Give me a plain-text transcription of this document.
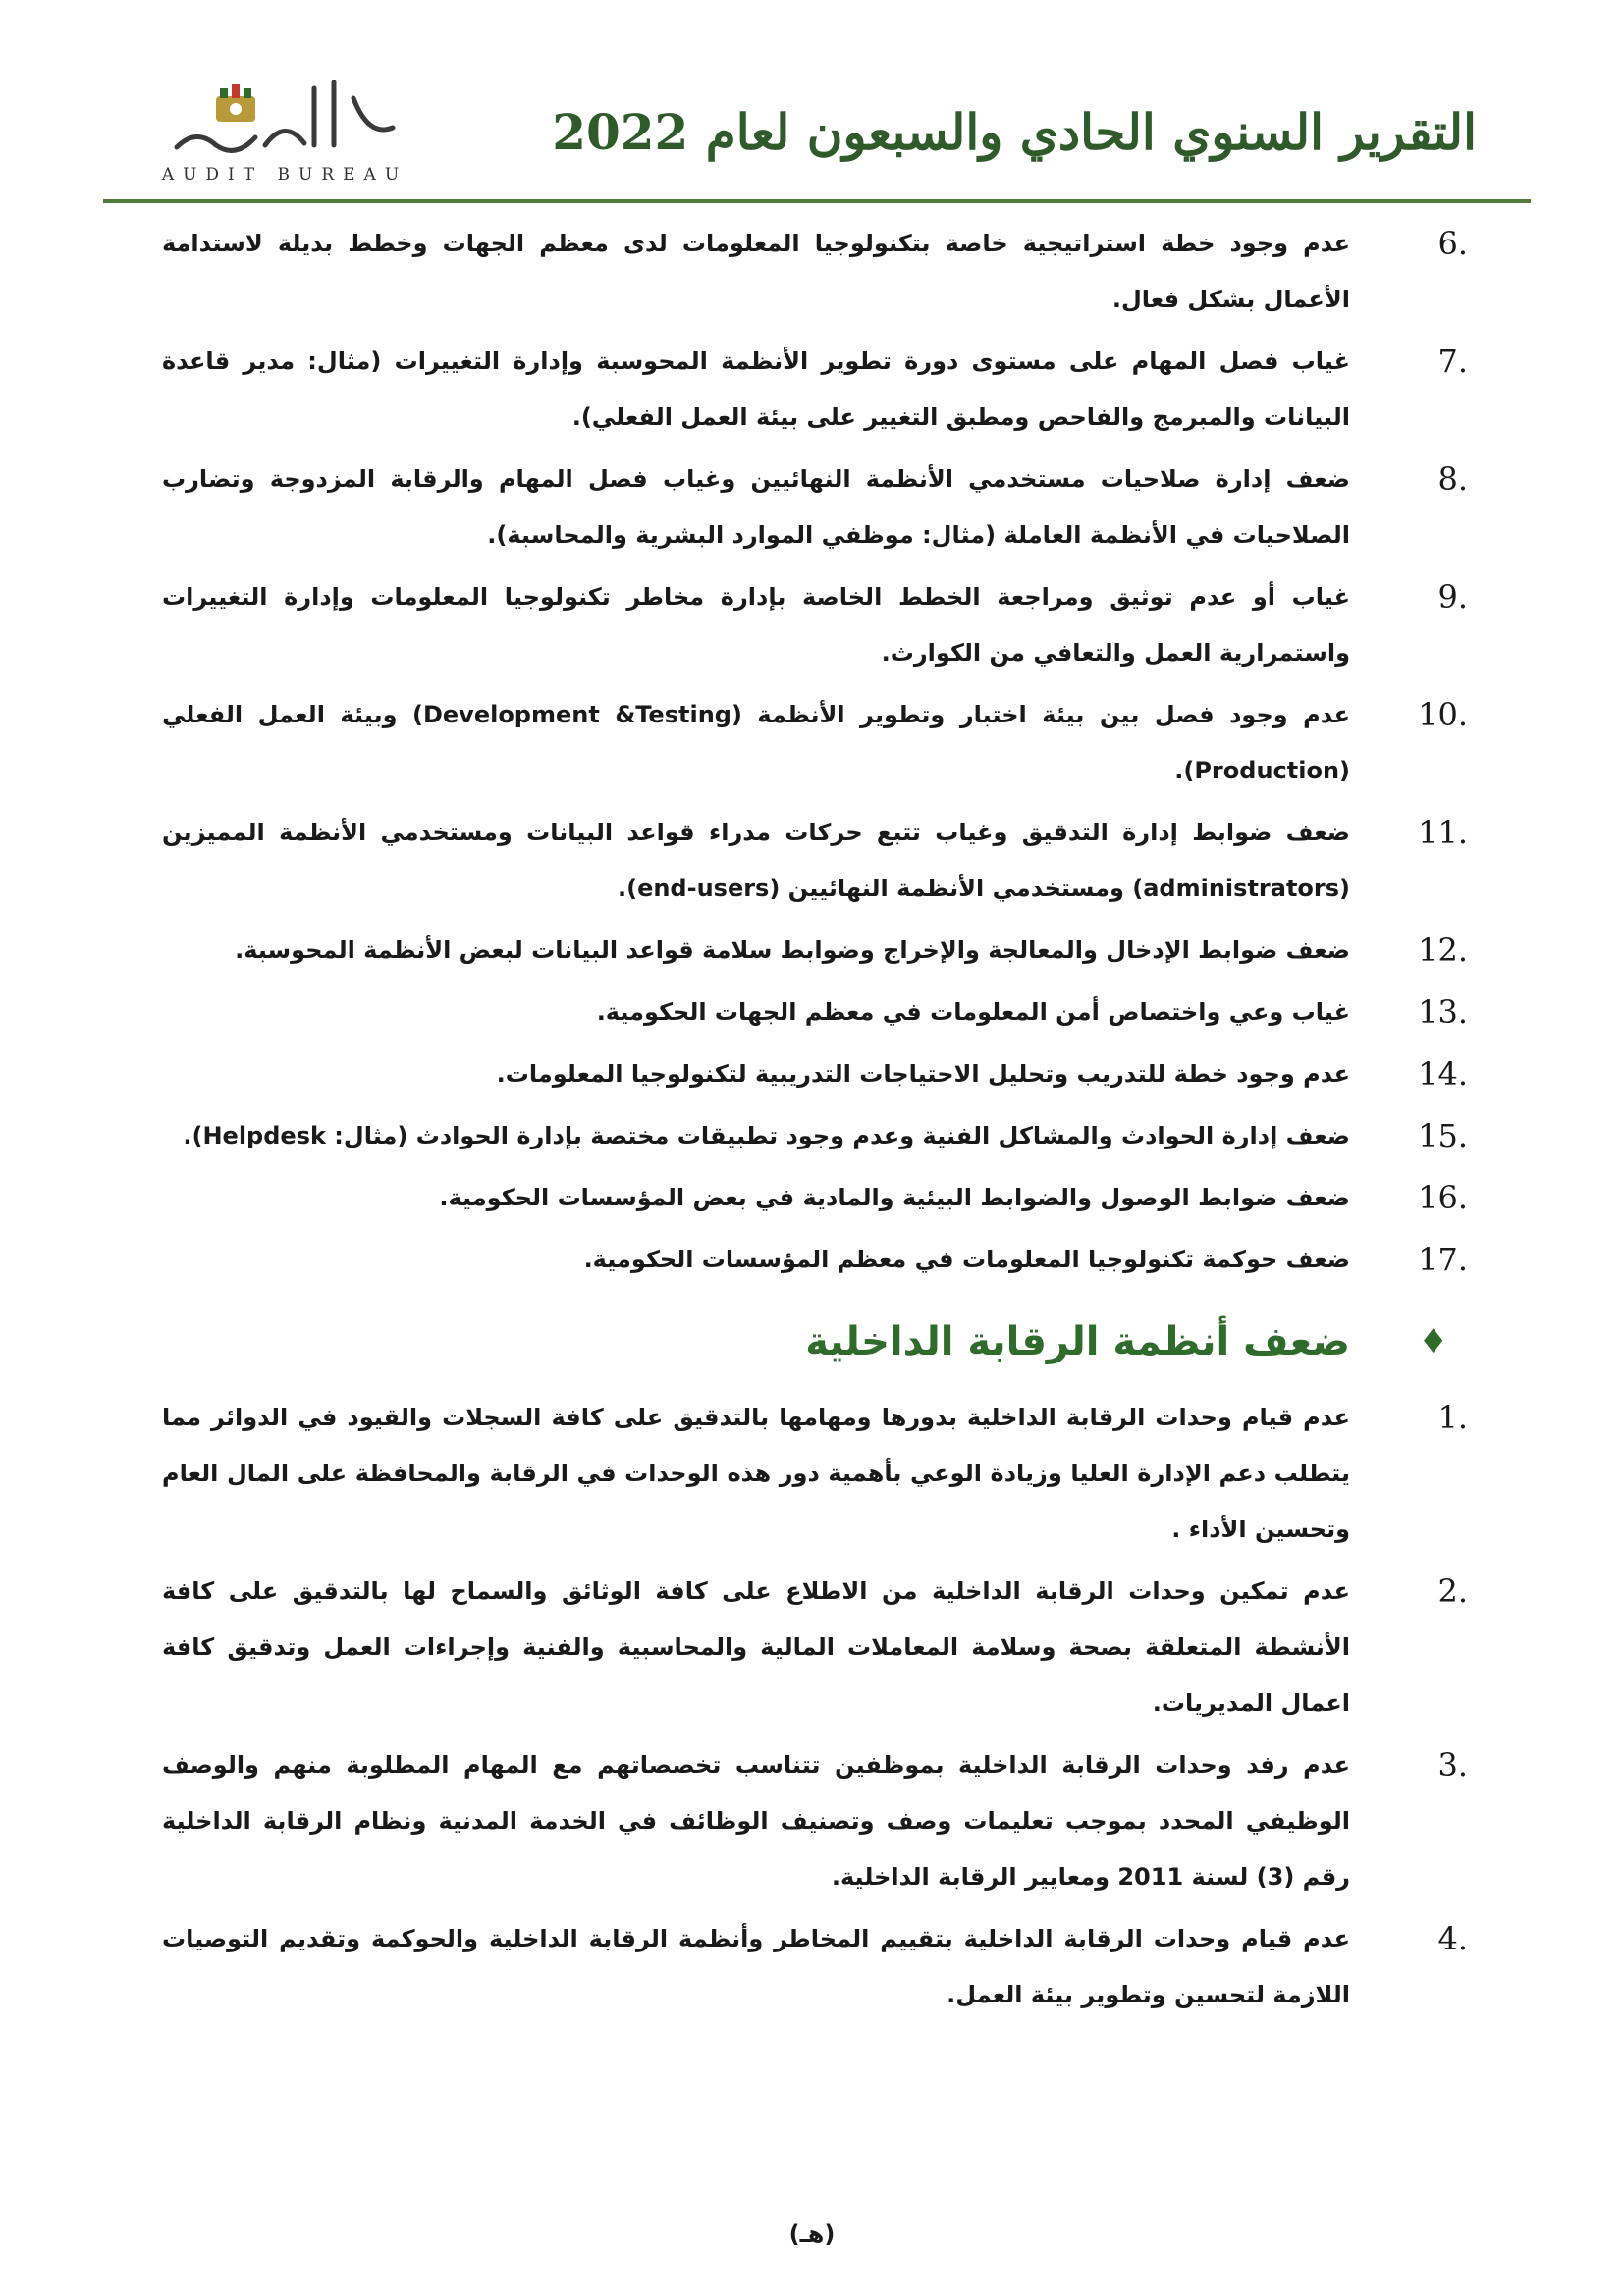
التقرير السنوي الحادي والسبعون لعام 2022
AUDIT BUREAU
6.
عدم وجود خطة استراتيجية خاصة بتكنولوجيا المعلومات لدى معظم الجهات وخطط بديلة لاستدامة الأعمال بشكل فعال.
7.
غياب فصل المهام على مستوى دورة تطوير الأنظمة المحوسبة وإدارة التغييرات (مثال: مدير قاعدة البيانات والمبرمج والفاحص ومطبق التغيير على بيئة العمل الفعلي).
8.
ضعف إدارة صلاحيات مستخدمي الأنظمة النهائيين وغياب فصل المهام والرقابة المزدوجة وتضارب الصلاحيات في الأنظمة العاملة (مثال: موظفي الموارد البشرية والمحاسبة).
9.
غياب أو عدم توثيق ومراجعة الخطط الخاصة بإدارة مخاطر تكنولوجيا المعلومات وإدارة التغييرات واستمرارية العمل والتعافي من الكوارث.
10.
عدم وجود فصل بين بيئة اختبار وتطوير الأنظمة (Development &Testing) وبيئة العمل الفعلي (Production).
11.
ضعف ضوابط إدارة التدقيق وغياب تتبع حركات مدراء قواعد البيانات ومستخدمي الأنظمة المميزين (administrators) ومستخدمي الأنظمة النهائيين (end-users).
12.
ضعف ضوابط الإدخال والمعالجة والإخراج وضوابط سلامة قواعد البيانات لبعض الأنظمة المحوسبة.
13.
غياب وعي واختصاص أمن المعلومات في معظم الجهات الحكومية.
14.
عدم وجود خطة للتدريب وتحليل الاحتياجات التدريبية لتكنولوجيا المعلومات.
15.
ضعف إدارة الحوادث والمشاكل الفنية وعدم وجود تطبيقات مختصة بإدارة الحوادث (مثال: Helpdesk).
16.
ضعف ضوابط الوصول والضوابط البيئية والمادية في بعض المؤسسات الحكومية.
17.
ضعف حوكمة تكنولوجيا المعلومات في معظم المؤسسات الحكومية.
♦
ضعف أنظمة الرقابة الداخلية
1.
عدم قيام وحدات الرقابة الداخلية بدورها ومهامها بالتدقيق على كافة السجلات والقيود في الدوائر مما يتطلب دعم الإدارة العليا وزيادة الوعي بأهمية دور هذه الوحدات في الرقابة والمحافظة على المال العام وتحسين الأداء .
2.
عدم تمكين وحدات الرقابة الداخلية من الاطلاع على كافة الوثائق والسماح لها بالتدقيق على كافة الأنشطة المتعلقة بصحة وسلامة المعاملات المالية والمحاسبية والفنية وإجراءات العمل وتدقيق كافة اعمال المديريات.
3.
عدم رفد وحدات الرقابة الداخلية بموظفين تتناسب تخصصاتهم مع المهام المطلوبة منهم والوصف الوظيفي المحدد بموجب تعليمات وصف وتصنيف الوظائف في الخدمة المدنية ونظام الرقابة الداخلية رقم (3) لسنة 2011 ومعايير الرقابة الداخلية.
4.
عدم قيام وحدات الرقابة الداخلية بتقييم المخاطر وأنظمة الرقابة الداخلية والحوكمة وتقديم التوصيات اللازمة لتحسين وتطوير بيئة العمل.
(هـ)
